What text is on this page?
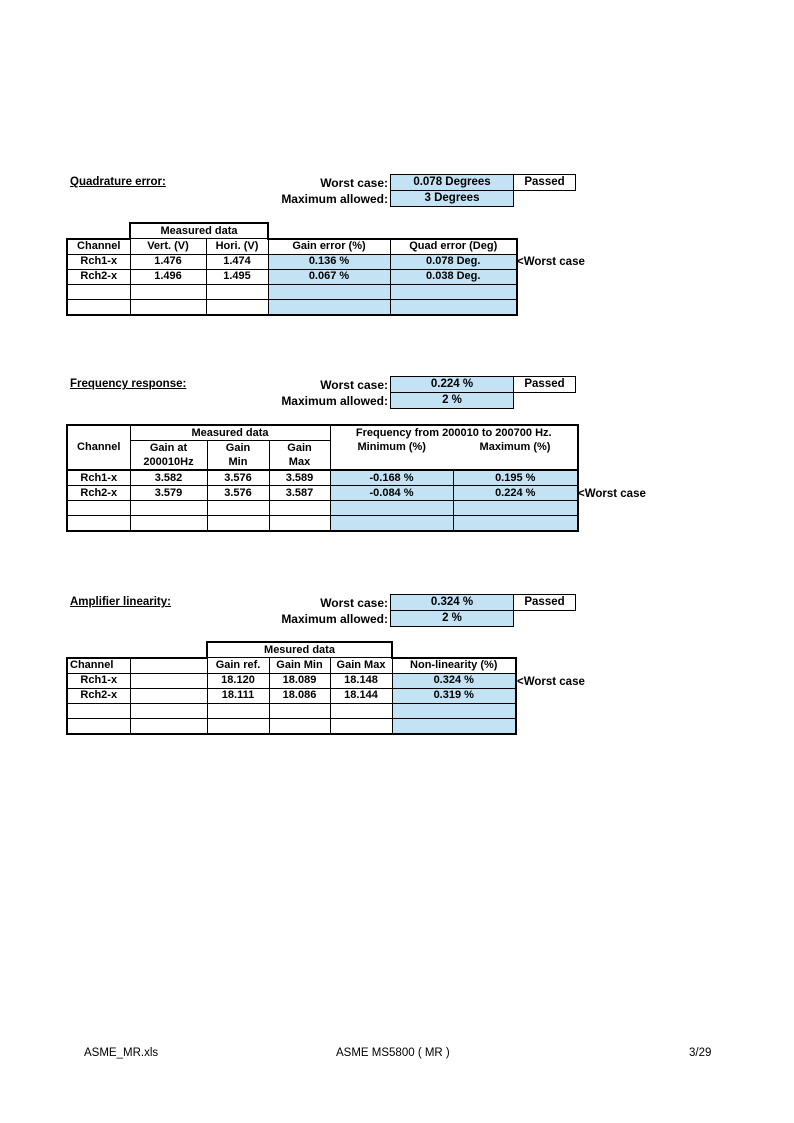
Quadrature error:	Worst case:	0.078 Degrees	Passed
Maximum allowed:	3 Degrees
	Measured data			
Channel	Vert. (V)	Hori. (V)	Gain error (%)	Quad error (Deg)
Rch1-x	1.476	1.474	0.136 %	0.078 Deg.
Rch2-x	1.496	1.495	0.067 %	0.038 Deg.

<Worst case
Frequency response:	Worst case:	0.224 %	Passed
Maximum allowed:	2 %
Channel	Measured data			Frequency from 200010 to 200700 Hz.	
	Gain at	Gain	Gain	Minimum (%)	Maximum (%)
	200010Hz	Min	Max		
Rch1-x	3.582	3.576	3.589	-0.168 %	0.195 %
Rch2-x	3.579	3.576	3.587	-0.084 %	0.224 %

						<Worst case
Amplifier linearity:	Worst case:	0.324 %	Passed
Maximum allowed:	2 %
		Mesured data			
Channel		Gain ref.	Gain Min	Gain Max	Non-linearity (%)
Rch1-x		18.120	18.089	18.148	0.324 %
Rch2-x		18.111	18.086	18.144	0.319 %

<Worst case
ASME_MR.xls	ASME MS5800 ( MR )	3/29
